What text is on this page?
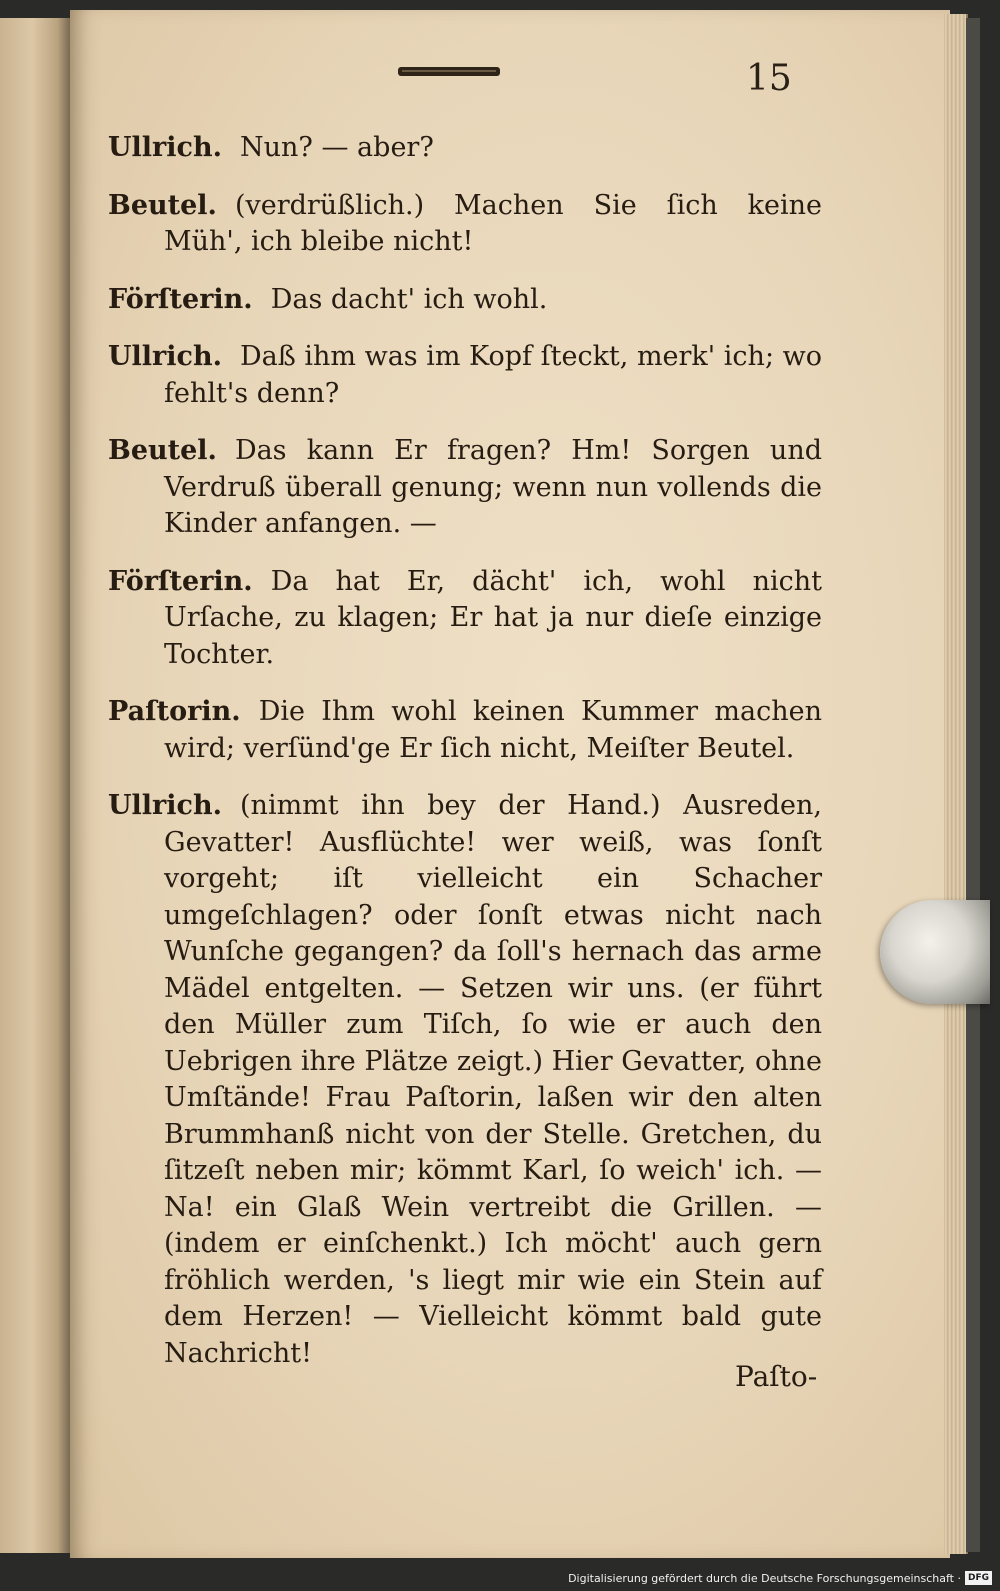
15

Ullrich. Nun? — aber?

Beutel. (verdrüßlich.) Machen Sie ſich keine Müh', ich bleibe nicht!

Förſterin. Das dacht' ich wohl.

Ullrich. Daß ihm was im Kopf ſteckt, merk' ich; wo fehlt's denn?

Beutel. Das kann Er fragen? Hm! Sorgen und Verdruß überall genung; wenn nun vollends die Kinder anfangen. —

Förſterin. Da hat Er, dächt' ich, wohl nicht Urſache, zu klagen; Er hat ja nur dieſe einzige Tochter.

Paſtorin. Die Ihm wohl keinen Kummer machen wird; verſünd'ge Er ſich nicht, Meiſter Beutel.

Ullrich. (nimmt ihn bey der Hand.) Ausreden, Gevatter! Ausflüchte! wer weiß, was ſonſt vorgeht; iſt vielleicht ein Schacher umgeſchlagen? oder ſonſt etwas nicht nach Wunſche gegangen? da ſoll's hernach das arme Mädel entgelten. — Setzen wir uns. (er führt den Müller zum Tiſch, ſo wie er auch den Uebrigen ihre Plätze zeigt.) Hier Gevatter, ohne Umſtände! Frau Paſtorin, laßen wir den alten Brummhanß nicht von der Stelle. Gretchen, du ſitzeſt neben mir; kömmt Karl, ſo weich' ich. — Na! ein Glaß Wein vertreibt die Grillen. — (indem er einſchenkt.) Ich möcht' auch gern fröhlich werden, 's liegt mir wie ein Stein auf dem Herzen! — Vielleicht kömmt bald gute Nachricht!

Paſto-
Digitalisierung gefördert durch die Deutsche Forschungsgemeinschaft · DFG
